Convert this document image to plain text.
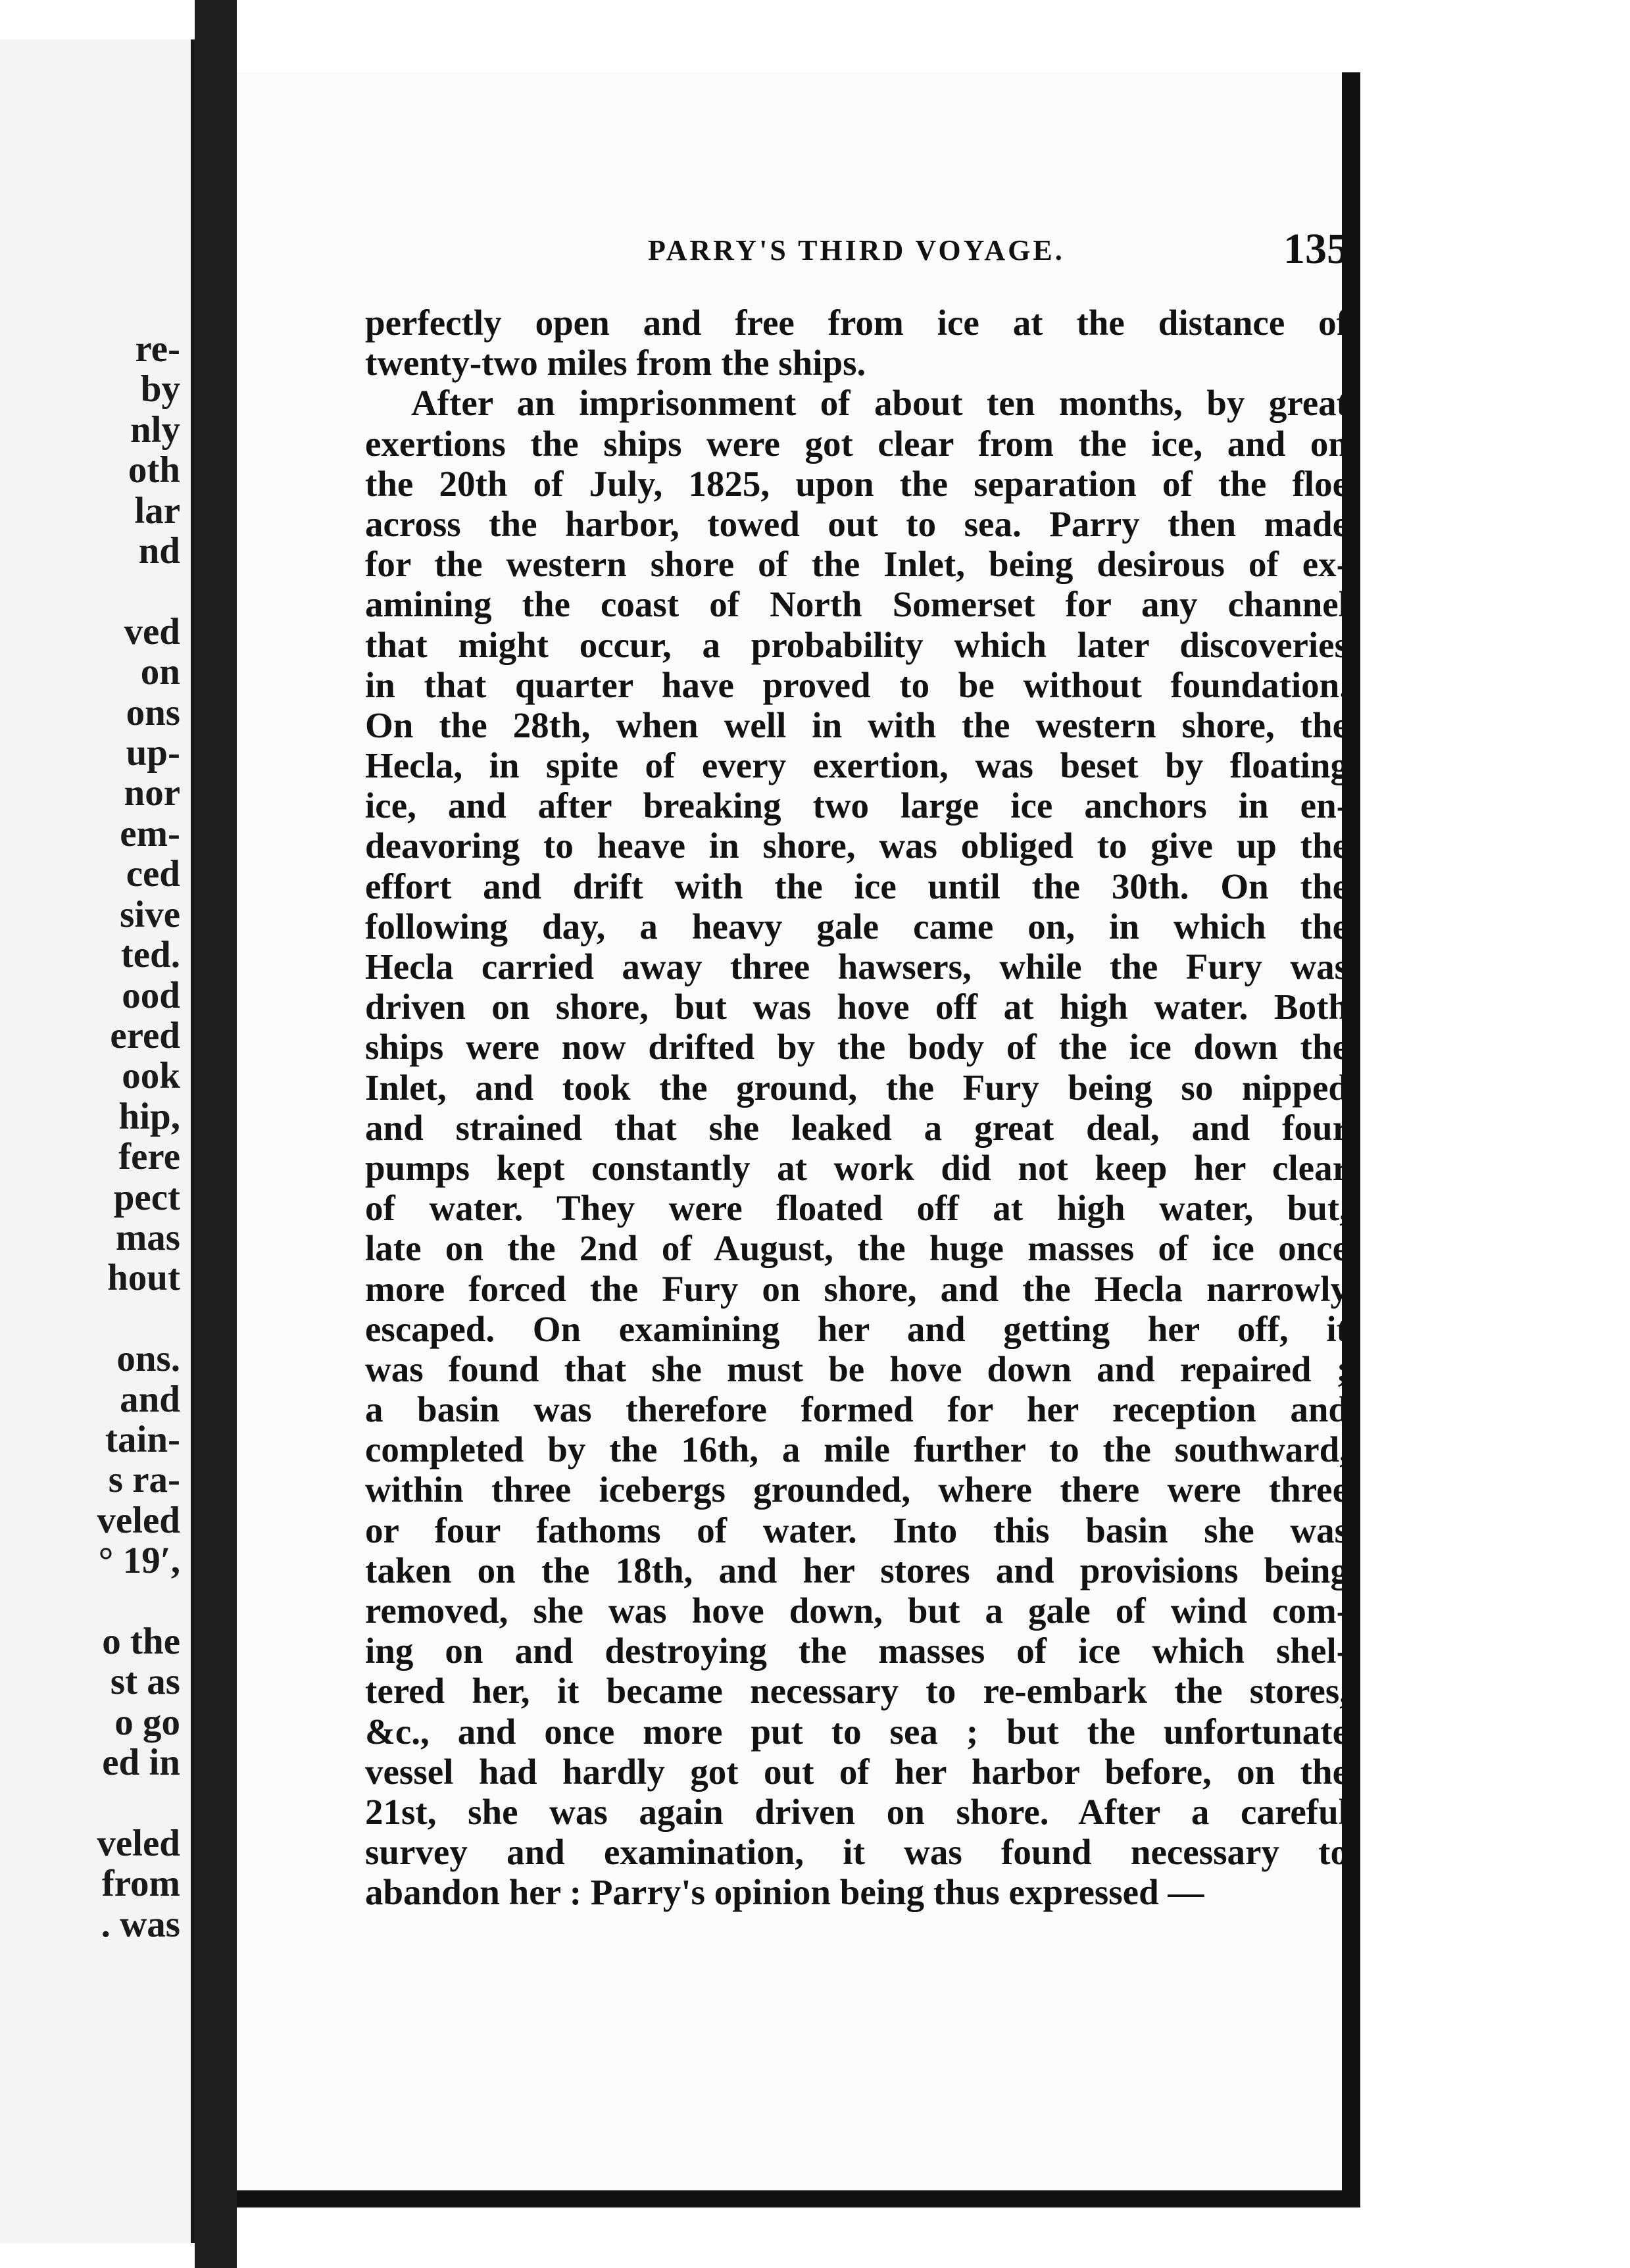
re-
by
nly
oth
lar
nd

ved
on
ons
up-
nor
em-
ced
sive
ted.
ood
ered
ook
hip,
fere
pect
mas
hout

ons.
and
tain-
s ra-
veled
° 19′,

o the
st as
o go
ed in

veled
from
. was
PARRY'S THIRD VOYAGE.	135
perfectly open and free from ice at the distance of
twenty-two miles from the ships.
After an imprisonment of about ten months, by great
exertions the ships were got clear from the ice, and on
the 20th of July, 1825, upon the separation of the floe
across the harbor, towed out to sea. Parry then made
for the western shore of the Inlet, being desirous of ex-
amining the coast of North Somerset for any channel
that might occur, a probability which later discoveries
in that quarter have proved to be without foundation.
On the 28th, when well in with the western shore, the
Hecla, in spite of every exertion, was beset by floating
ice, and after breaking two large ice anchors in en-
deavoring to heave in shore, was obliged to give up the
effort and drift with the ice until the 30th. On the
following day, a heavy gale came on, in which the
Hecla carried away three hawsers, while the Fury was
driven on shore, but was hove off at high water. Both
ships were now drifted by the body of the ice down the
Inlet, and took the ground, the Fury being so nipped
and strained that she leaked a great deal, and four
pumps kept constantly at work did not keep her clear
of water. They were floated off at high water, but,
late on the 2nd of August, the huge masses of ice once
more forced the Fury on shore, and the Hecla narrowly
escaped. On examining her and getting her off, it
was found that she must be hove down and repaired ;
a basin was therefore formed for her reception and
completed by the 16th, a mile further to the southward,
within three icebergs grounded, where there were three
or four fathoms of water. Into this basin she was
taken on the 18th, and her stores and provisions being
removed, she was hove down, but a gale of wind com-
ing on and destroying the masses of ice which shel-
tered her, it became necessary to re-embark the stores,
&c., and once more put to sea ; but the unfortunate
vessel had hardly got out of her harbor before, on the
21st, she was again driven on shore. After a careful
survey and examination, it was found necessary to
abandon her : Parry's opinion being thus expressed —
